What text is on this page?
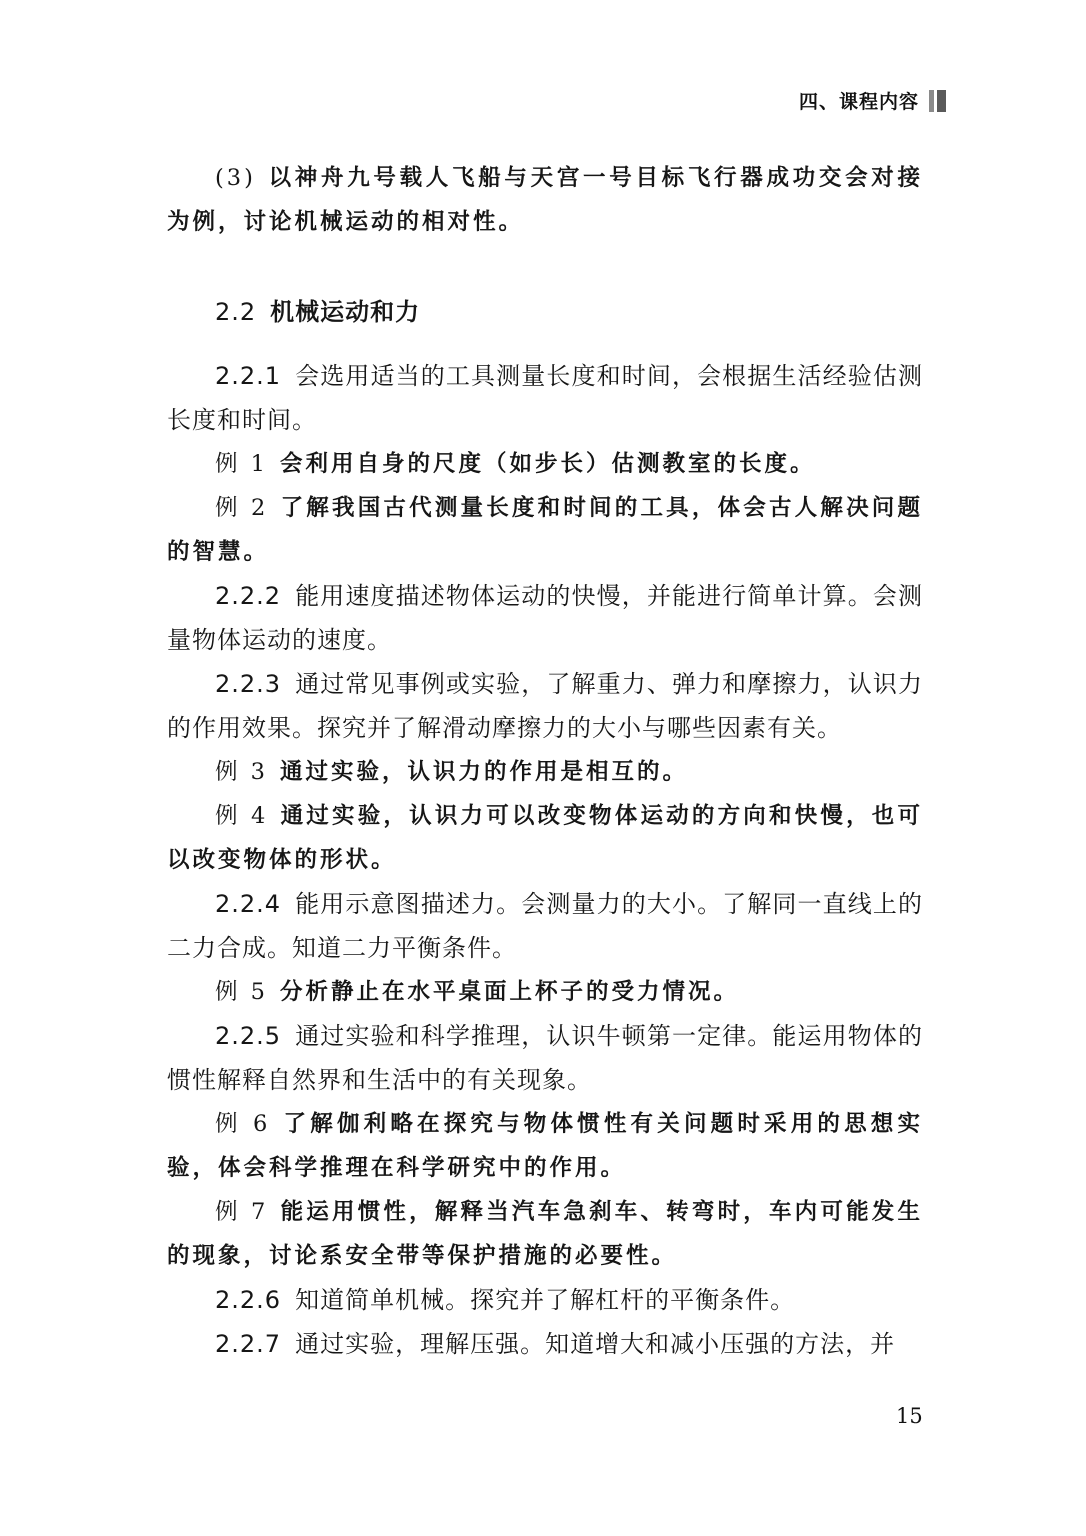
四、课程内容

(3) 以神舟九号载人飞船与天宫一号目标飞行器成功交会对接为例，讨论机械运动的相对性。

2.2 机械运动和力

2.2.1 会选用适当的工具测量长度和时间，会根据生活经验估测长度和时间。

例 1 会利用自身的尺度（如步长）估测教室的长度。

例 2 了解我国古代测量长度和时间的工具，体会古人解决问题的智慧。

2.2.2 能用速度描述物体运动的快慢，并能进行简单计算。会测量物体运动的速度。

2.2.3 通过常见事例或实验，了解重力、弹力和摩擦力，认识力的作用效果。探究并了解滑动摩擦力的大小与哪些因素有关。

例 3 通过实验，认识力的作用是相互的。

例 4 通过实验，认识力可以改变物体运动的方向和快慢，也可以改变物体的形状。

2.2.4 能用示意图描述力。会测量力的大小。了解同一直线上的二力合成。知道二力平衡条件。

例 5 分析静止在水平桌面上杯子的受力情况。

2.2.5 通过实验和科学推理，认识牛顿第一定律。能运用物体的惯性解释自然界和生活中的有关现象。

例 6 了解伽利略在探究与物体惯性有关问题时采用的思想实验，体会科学推理在科学研究中的作用。

例 7 能运用惯性，解释当汽车急刹车、转弯时，车内可能发生的现象，讨论系安全带等保护措施的必要性。

2.2.6 知道简单机械。探究并了解杠杆的平衡条件。

2.2.7 通过实验，理解压强。知道增大和减小压强的方法，并

15
